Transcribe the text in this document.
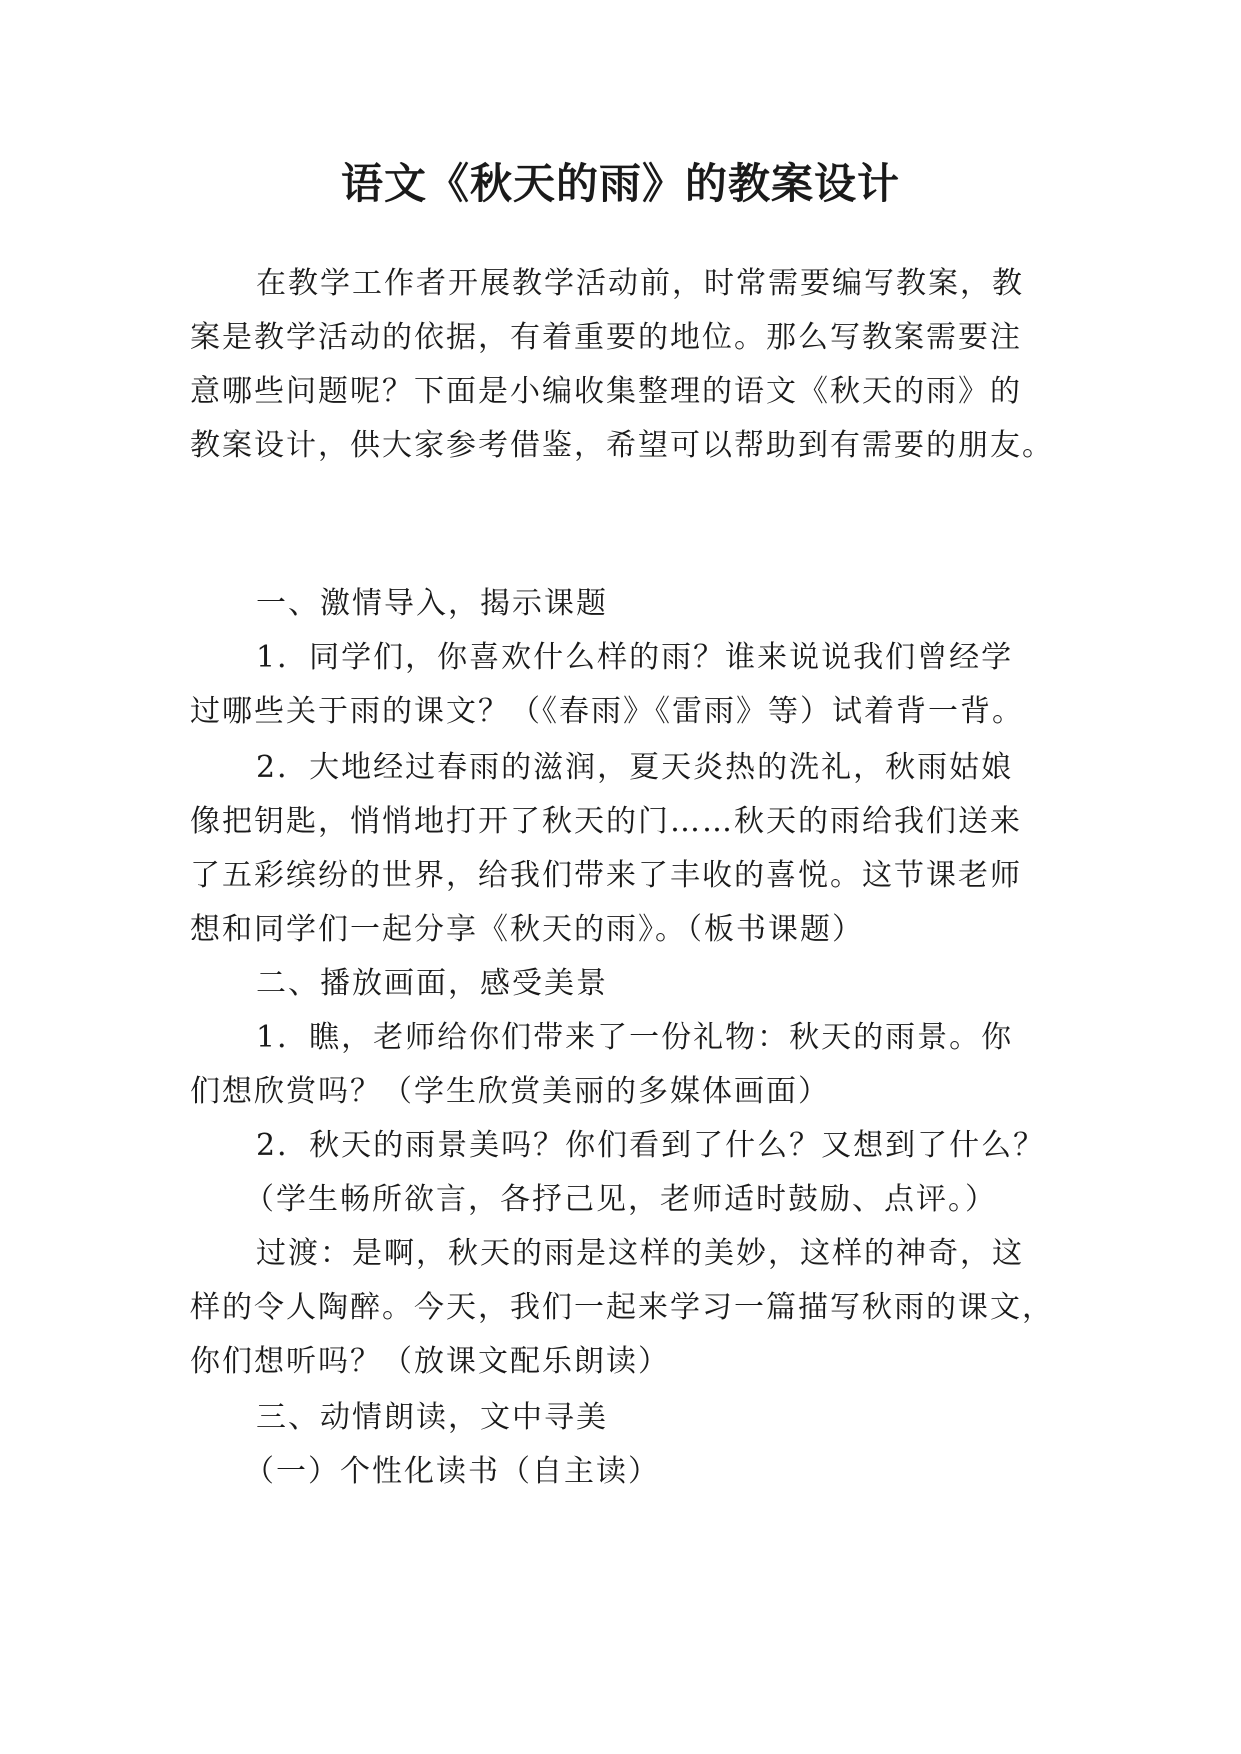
语文《秋天的雨》的教案设计
在教学工作者开展教学活动前，时常需要编写教案，教
案是教学活动的依据，有着重要的地位。那么写教案需要注
意哪些问题呢？下面是小编收集整理的语文《秋天的雨》的
教案设计，供大家参考借鉴，希望可以帮助到有需要的朋友。
一、激情导入，揭示课题
1．同学们，你喜欢什么样的雨？谁来说说我们曾经学
过哪些关于雨的课文？（《春雨》《雷雨》等）试着背一背。
2．大地经过春雨的滋润，夏天炎热的洗礼，秋雨姑娘
像把钥匙，悄悄地打开了秋天的门……秋天的雨给我们送来
了五彩缤纷的世界，给我们带来了丰收的喜悦。这节课老师
想和同学们一起分享《秋天的雨》。（板书课题）
二、播放画面，感受美景
1．瞧，老师给你们带来了一份礼物：秋天的雨景。你
们想欣赏吗？（学生欣赏美丽的多媒体画面）
2．秋天的雨景美吗？你们看到了什么？又想到了什么？
（学生畅所欲言，各抒己见，老师适时鼓励、点评。）
过渡：是啊，秋天的雨是这样的美妙，这样的神奇，这
样的令人陶醉。今天，我们一起来学习一篇描写秋雨的课文，
你们想听吗？（放课文配乐朗读）
三、动情朗读，文中寻美
（一）个性化读书（自主读）
